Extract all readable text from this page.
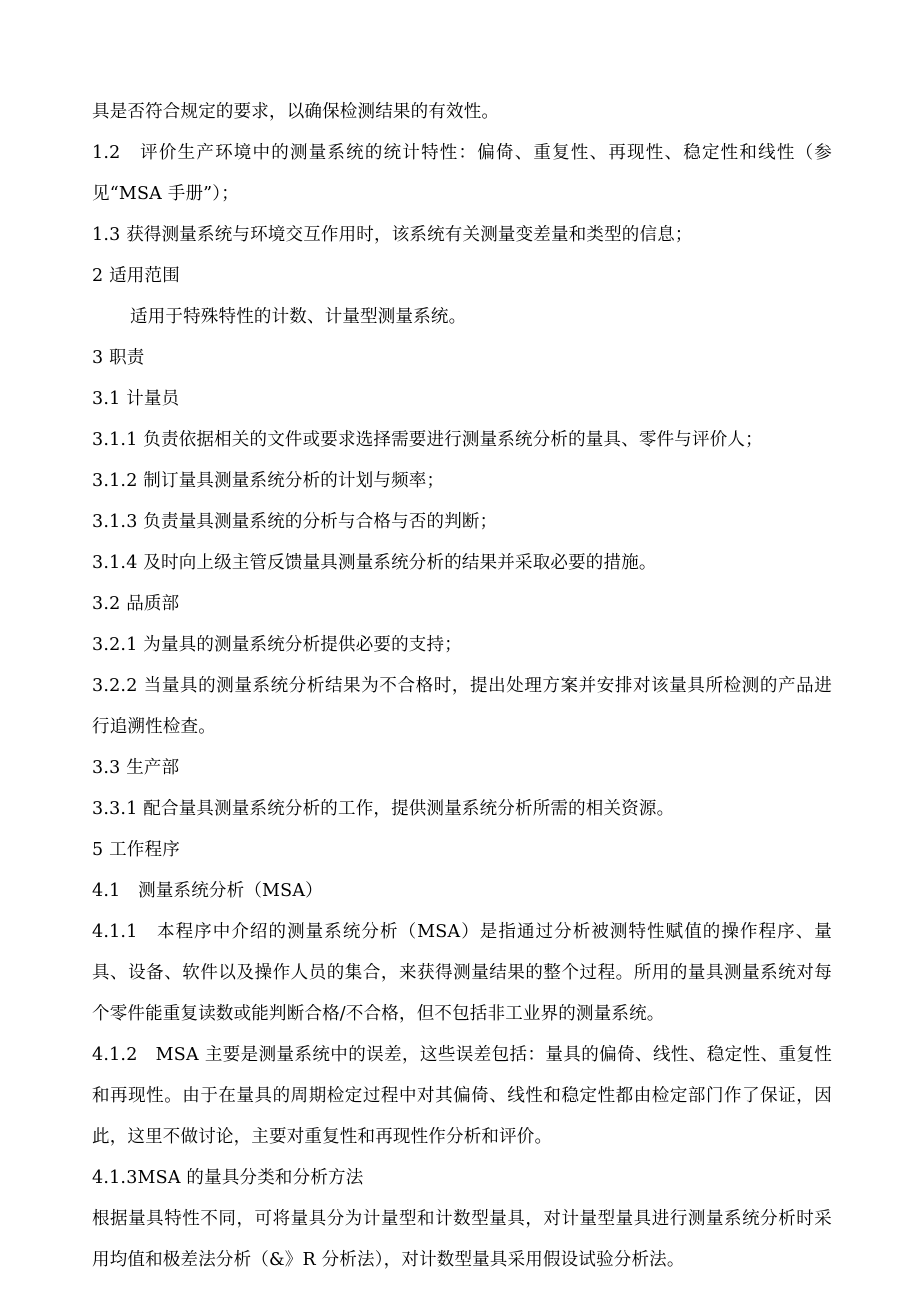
具是否符合规定的要求，以确保检测结果的有效性。

1.2　评价生产环境中的测量系统的统计特性：偏倚、重复性、再现性、稳定性和线性（参见“MSA 手册”）；

1.3 获得测量系统与环境交互作用时，该系统有关测量变差量和类型的信息；

2 适用范围

适用于特殊特性的计数、计量型测量系统。

3 职责

3.1 计量员

3.1.1 负责依据相关的文件或要求选择需要进行测量系统分析的量具、零件与评价人；

3.1.2 制订量具测量系统分析的计划与频率；

3.1.3 负责量具测量系统的分析与合格与否的判断；

3.1.4 及时向上级主管反馈量具测量系统分析的结果并采取必要的措施。

3.2 品质部

3.2.1 为量具的测量系统分析提供必要的支持；

3.2.2 当量具的测量系统分析结果为不合格时，提出处理方案并安排对该量具所检测的产品进行追溯性检查。

3.3 生产部

3.3.1 配合量具测量系统分析的工作，提供测量系统分析所需的相关资源。

5 工作程序

4.1　测量系统分析（MSA）

4.1.1　本程序中介绍的测量系统分析（MSA）是指通过分析被测特性赋值的操作程序、量具、设备、软件以及操作人员的集合，来获得测量结果的整个过程。所用的量具测量系统对每个零件能重复读数或能判断合格/不合格，但不包括非工业界的测量系统。

4.1.2　MSA 主要是测量系统中的误差，这些误差包括：量具的偏倚、线性、稳定性、重复性和再现性。由于在量具的周期检定过程中对其偏倚、线性和稳定性都由检定部门作了保证，因此，这里不做讨论，主要对重复性和再现性作分析和评价。

4.1.3MSA 的量具分类和分析方法

根据量具特性不同，可将量具分为计量型和计数型量具，对计量型量具进行测量系统分析时采用均值和极差法分析（&》R 分析法），对计数型量具采用假设试验分析法。
